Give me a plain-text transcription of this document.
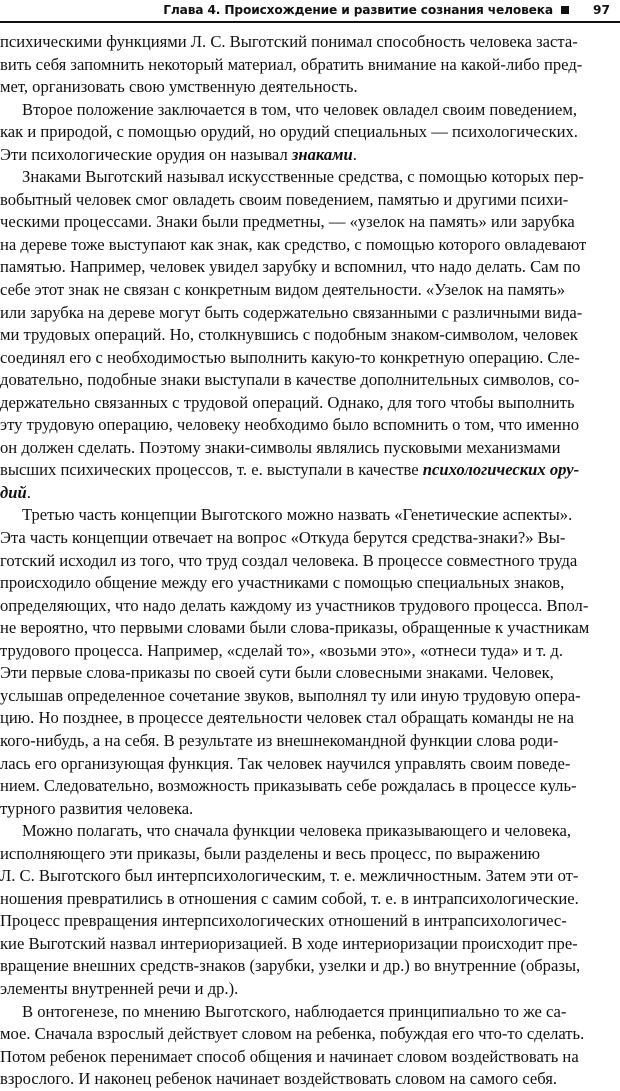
Глава 4. Происхождение и развитие сознания человека	97
психическими функциями Л. С. Выготский понимал способность человека заста-
вить себя запомнить некоторый материал, обратить внимание на какой-либо пред-
мет, организовать свою умственную деятельность.
Второе положение заключается в том, что человек овладел своим поведением,
как и природой, с помощью орудий, но орудий специальных — психологических.
Эти психологические орудия он называл знаками.
Знаками Выготский называл искусственные средства, с помощью которых пер-
вобытный человек смог овладеть своим поведением, памятью и другими психи-
ческими процессами. Знаки были предметны, — «узелок на память» или зарубка
на дереве тоже выступают как знак, как средство, с помощью которого овладевают
памятью. Например, человек увидел зарубку и вспомнил, что надо делать. Сам по
себе этот знак не связан с конкретным видом деятельности. «Узелок на память»
или зарубка на дереве могут быть содержательно связанными с различными вида-
ми трудовых операций. Но, столкнувшись с подобным знаком-символом, человек
соединял его с необходимостью выполнить какую-то конкретную операцию. Сле-
довательно, подобные знаки выступали в качестве дополнительных символов, со-
держательно связанных с трудовой операций. Однако, для того чтобы выполнить
эту трудовую операцию, человеку необходимо было вспомнить о том, что именно
он должен сделать. Поэтому знаки-символы являлись пусковыми механизмами
высших психических процессов, т. е. выступали в качестве психологических ору-
дий.
Третью часть концепции Выготского можно назвать «Генетические аспекты».
Эта часть концепции отвечает на вопрос «Откуда берутся средства-знаки?» Вы-
готский исходил из того, что труд создал человека. В процессе совместного труда
происходило общение между его участниками с помощью специальных знаков,
определяющих, что надо делать каждому из участников трудового процесса. Впол-
не вероятно, что первыми словами были слова-приказы, обращенные к участникам
трудового процесса. Например, «сделай то», «возьми это», «отнеси туда» и т. д.
Эти первые слова-приказы по своей сути были словесными знаками. Человек,
услышав определенное сочетание звуков, выполнял ту или иную трудовую опера-
цию. Но позднее, в процессе деятельности человек стал обращать команды не на
кого-нибудь, а на себя. В результате из внешнекомандной функции слова роди-
лась его организующая функция. Так человек научился управлять своим поведе-
нием. Следовательно, возможность приказывать себе рождалась в процессе куль-
турного развития человека.
Можно полагать, что сначала функции человека приказывающего и человека,
исполняющего эти приказы, были разделены и весь процесс, по выражению
Л. С. Выготского был интерпсихологическим, т. е. межличностным. Затем эти от-
ношения превратились в отношения с самим собой, т. е. в интрапсихологические.
Процесс превращения интерпсихологических отношений в интрапсихологичес-
кие Выготский назвал интериоризацией. В ходе интериоризации происходит пре-
вращение внешних средств-знаков (зарубки, узелки и др.) во внутренние (образы,
элементы внутренней речи и др.).
В онтогенезе, по мнению Выготского, наблюдается принципиально то же са-
мое. Сначала взрослый действует словом на ребенка, побуждая его что-то сделать.
Потом ребенок перенимает способ общения и начинает словом воздействовать на
взрослого. И наконец ребенок начинает воздействовать словом на самого себя.
